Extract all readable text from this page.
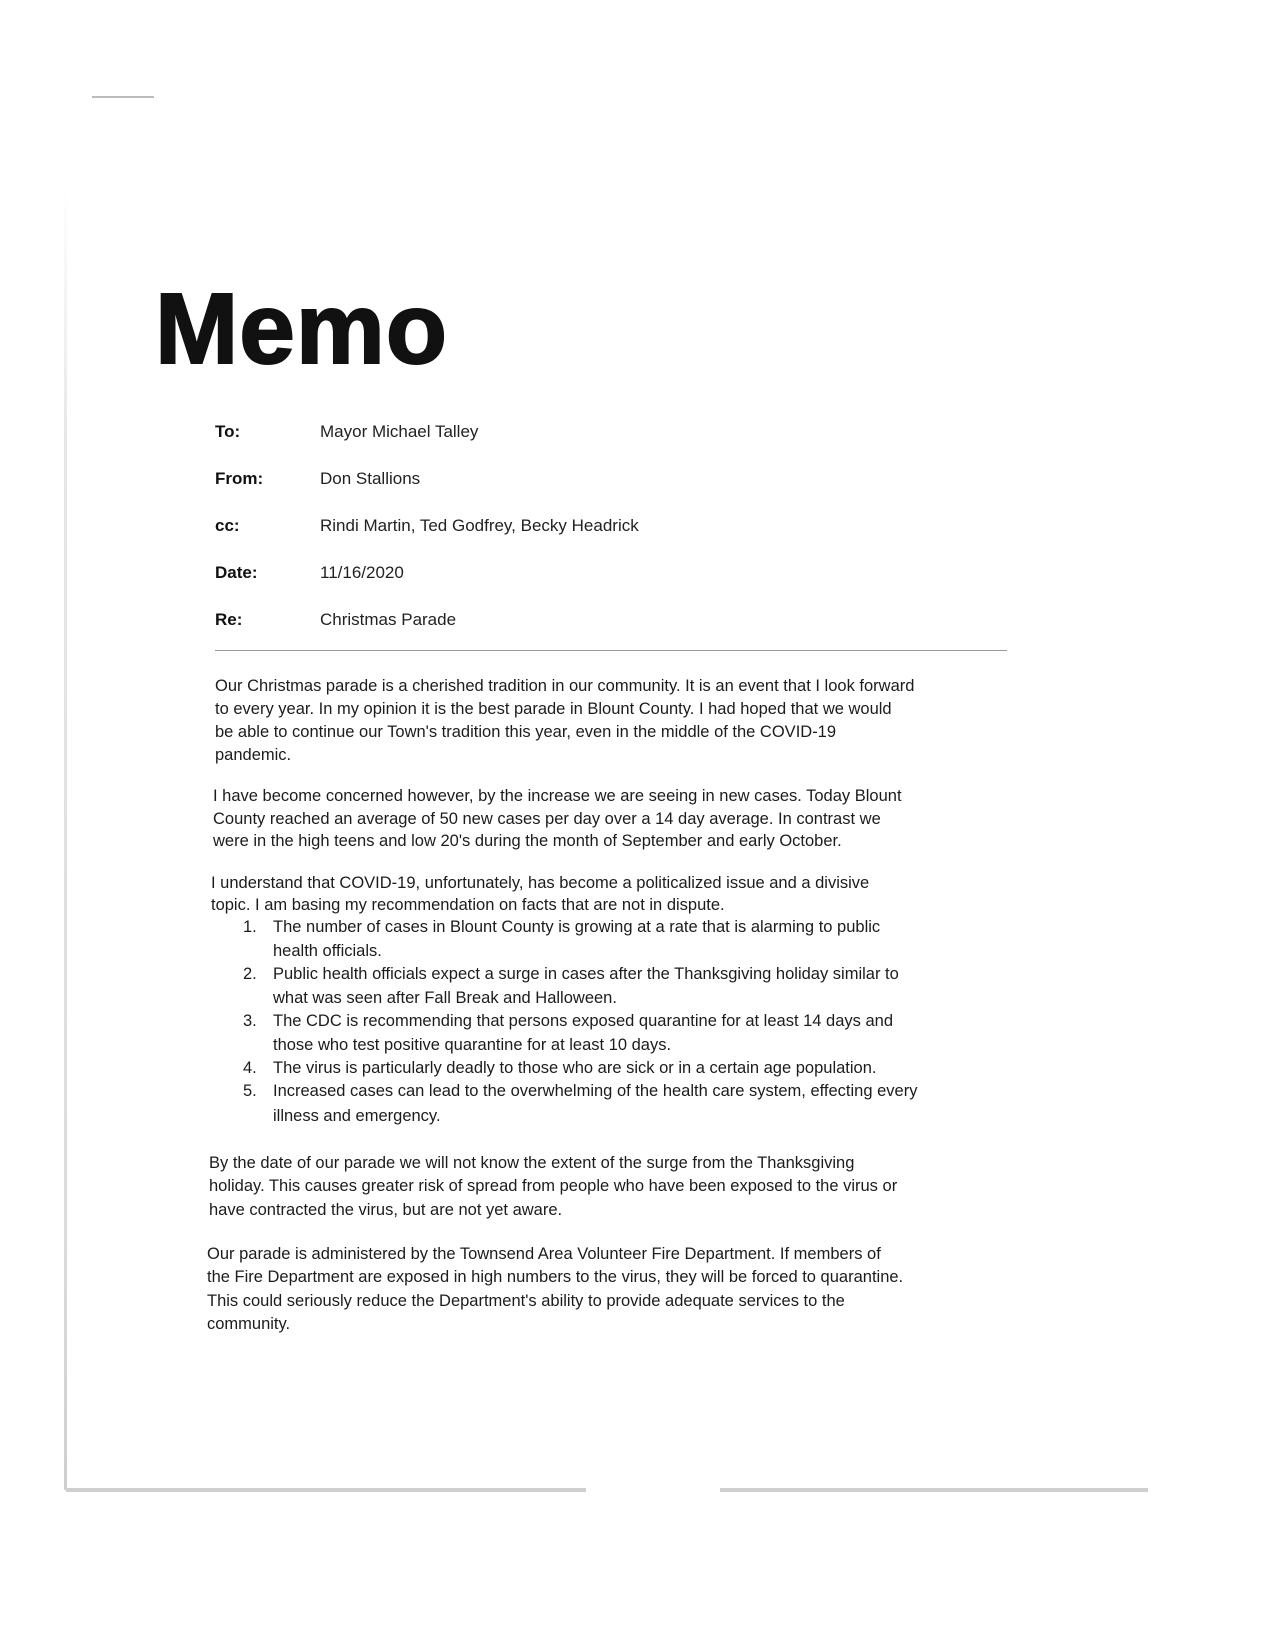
Memo
To:	Mayor Michael Talley
From:	Don Stallions
cc:	Rindi Martin, Ted Godfrey, Becky Headrick
Date:	11/16/2020
Re:	Christmas Parade
Our Christmas parade is a cherished tradition in our community. It is an event that I look forward
to every year. In my opinion it is the best parade in Blount County. I had hoped that we would
be able to continue our Town's tradition this year, even in the middle of the COVID-19
pandemic.
I have become concerned however, by the increase we are seeing in new cases. Today Blount
County reached an average of 50 new cases per day over a 14 day average. In contrast we
were in the high teens and low 20's during the month of September and early October.
I understand that COVID-19, unfortunately, has become a politicalized issue and a divisive
topic. I am basing my recommendation on facts that are not in dispute.
1. The number of cases in Blount County is growing at a rate that is alarming to public
health officials.
2. Public health officials expect a surge in cases after the Thanksgiving holiday similar to
what was seen after Fall Break and Halloween.
3. The CDC is recommending that persons exposed quarantine for at least 14 days and
those who test positive quarantine for at least 10 days.
4. The virus is particularly deadly to those who are sick or in a certain age population.
5. Increased cases can lead to the overwhelming of the health care system, effecting every
illness and emergency.
By the date of our parade we will not know the extent of the surge from the Thanksgiving
holiday. This causes greater risk of spread from people who have been exposed to the virus or
have contracted the virus, but are not yet aware.
Our parade is administered by the Townsend Area Volunteer Fire Department. If members of
the Fire Department are exposed in high numbers to the virus, they will be forced to quarantine.
This could seriously reduce the Department's ability to provide adequate services to the
community.
